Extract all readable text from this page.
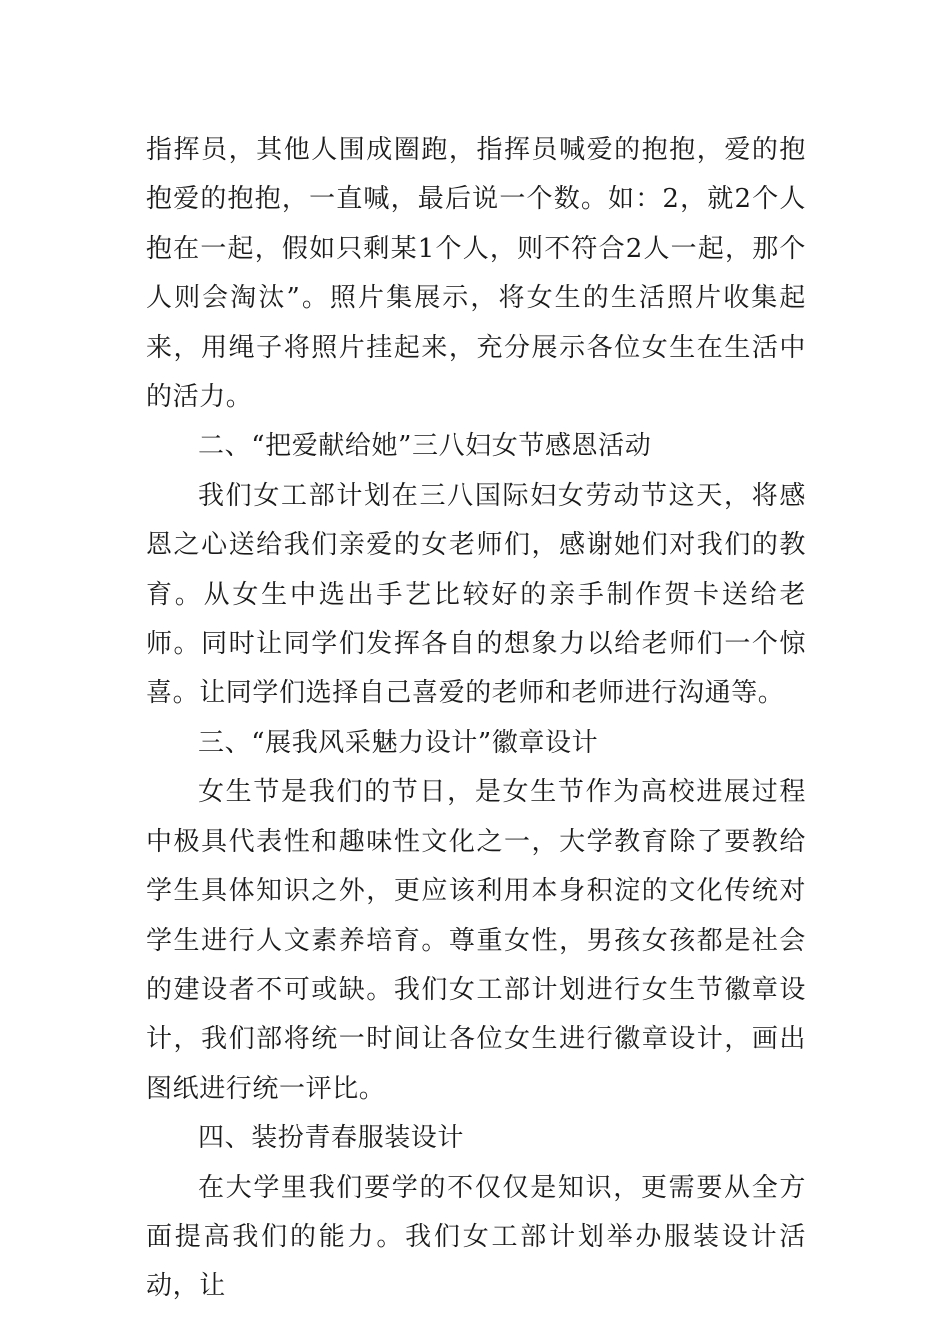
指挥员，其他人围成圈跑，指挥员喊爱的抱抱，爱的抱抱爱的抱抱，一直喊，最后说一个数。如：2，就2个人抱在一起，假如只剩某1个人，则不符合2人一起，那个人则会淘汰”。照片集展示，将女生的生活照片收集起来，用绳子将照片挂起来，充分展示各位女生在生活中的活力。

二、“把爱献给她”三八妇女节感恩活动

我们女工部计划在三八国际妇女劳动节这天，将感恩之心送给我们亲爱的女老师们，感谢她们对我们的教育。从女生中选出手艺比较好的亲手制作贺卡送给老师。同时让同学们发挥各自的想象力以给老师们一个惊喜。让同学们选择自己喜爱的老师和老师进行沟通等。

三、“展我风采魅力设计”徽章设计

女生节是我们的节日，是女生节作为高校进展过程中极具代表性和趣味性文化之一，大学教育除了要教给学生具体知识之外，更应该利用本身积淀的文化传统对学生进行人文素养培育。尊重女性，男孩女孩都是社会的建设者不可或缺。我们女工部计划进行女生节徽章设计，我们部将统一时间让各位女生进行徽章设计，画出图纸进行统一评比。

四、装扮青春服装设计

在大学里我们要学的不仅仅是知识，更需要从全方面提高我们的能力。我们女工部计划举办服装设计活动，让
